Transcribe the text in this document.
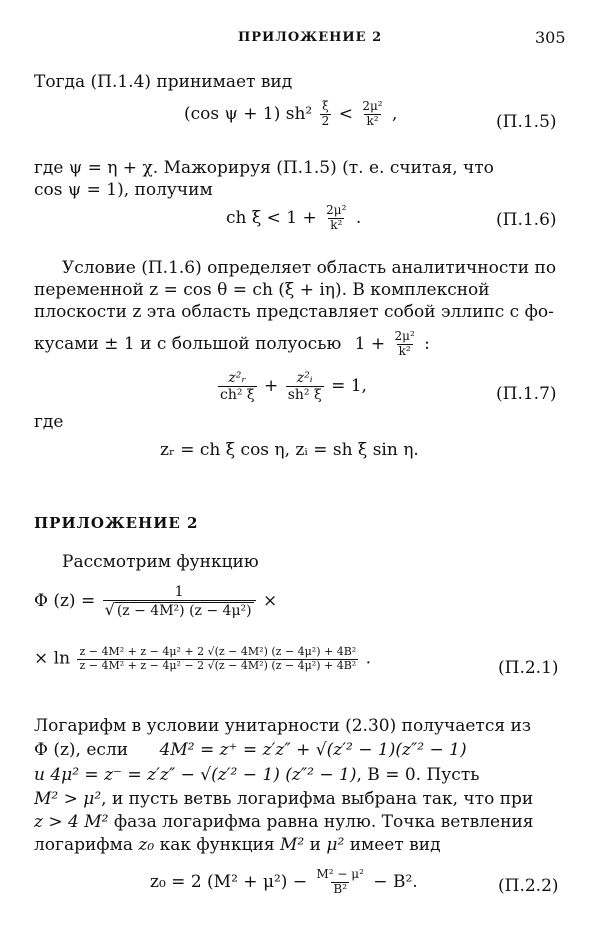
ПРИЛОЖЕНИЕ 2	305
Тогда (П.1.4) принимает вид
(cos ψ + 1) $sh^2 \frac{\xi}{2} < \frac{\text{2μ²}}{\text{k²}}$ ,	(П.1.5)
где ψ = η + χ. Мажорируя (П.1.5) (т. е. считая, что
cos ψ = 1), получим
ch $\xi < 1 + \frac{\text{2μ²}}{\text{k²}}$ .	(П.1.6)
Условие (П.1.6) определяет область аналитичности по
переменной z = cos θ = ch (ξ + iη). В комплексной
плоскости z эта область представляет собой эллипс с фо-
кусами ± 1 и с большой полуосью $1 + \frac{\text{2μ²}}{\text{k²}}$ :
$\frac{\text{z²ᵣ}}{\text{ch² ξ}} + \frac{\text{z²ᵢ}}{\text{sh² ξ}} = 1$,	(П.1.7)
где
zᵣ = ch ξ cos η, zᵢ = sh ξ sin η.
ПРИЛОЖЕНИЕ 2
Рассмотрим функцию
Φ $(z) = \frac{1}{\text{√ (z − 4M²) (z − 4μ²)}}$ ×
× $\ln \frac{\text{z − 4M² + z − 4μ² + 2 √(z − 4M²) (z − 4μ²) + 4B²}}{\text{z − 4M² + z − 4μ² − 2 √(z − 4M²) (z − 4μ²) + 4B²}}$ .	(П.2.1)
Логарифм в условии унитарности (2.30) получается из
Φ (z), если 4M² = z⁺ = z′z″ + √(z′² − 1)(z″² − 1)
и 4μ² = z⁻ = z′z″ − √(z′² − 1) (z″² − 1), B = 0. Пусть
M² > μ², и пусть ветвь логарифма выбрана так, что при
z > 4 M² фаза логарифма равна нулю. Точка ветвления
логарифма z₀ как функция M² и μ² имеет вид
z₀ = 2 $(M^2 + \mu^2) - \frac{\text{M² − μ²}}{\text{B²}} - B^2$.	(П.2.2)
